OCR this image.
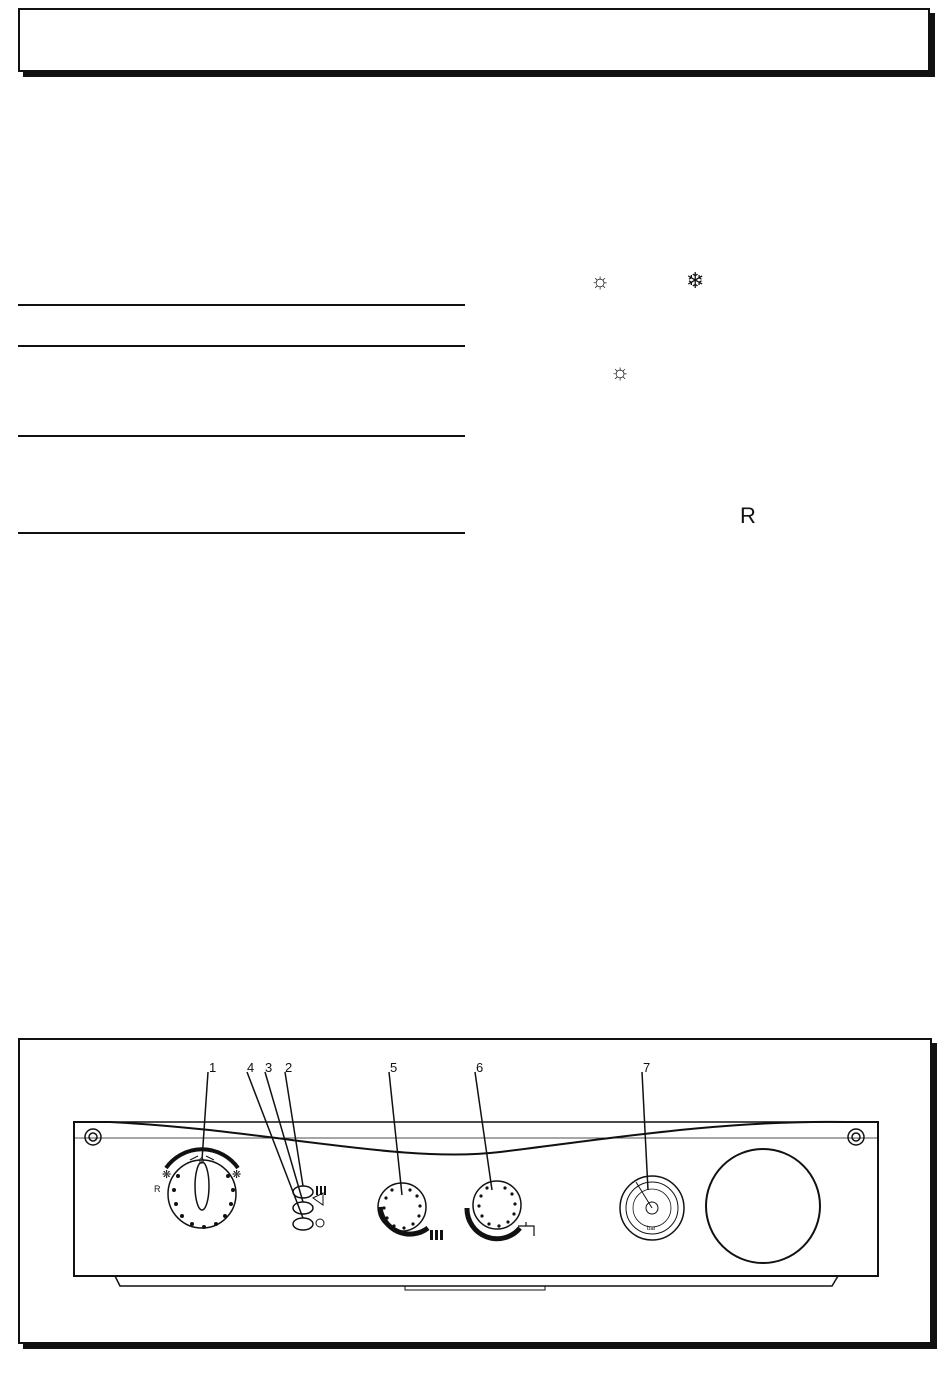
☼	❄
☼
R
1 4 3 2	5	6	7
0
R
❋	❋
bar
